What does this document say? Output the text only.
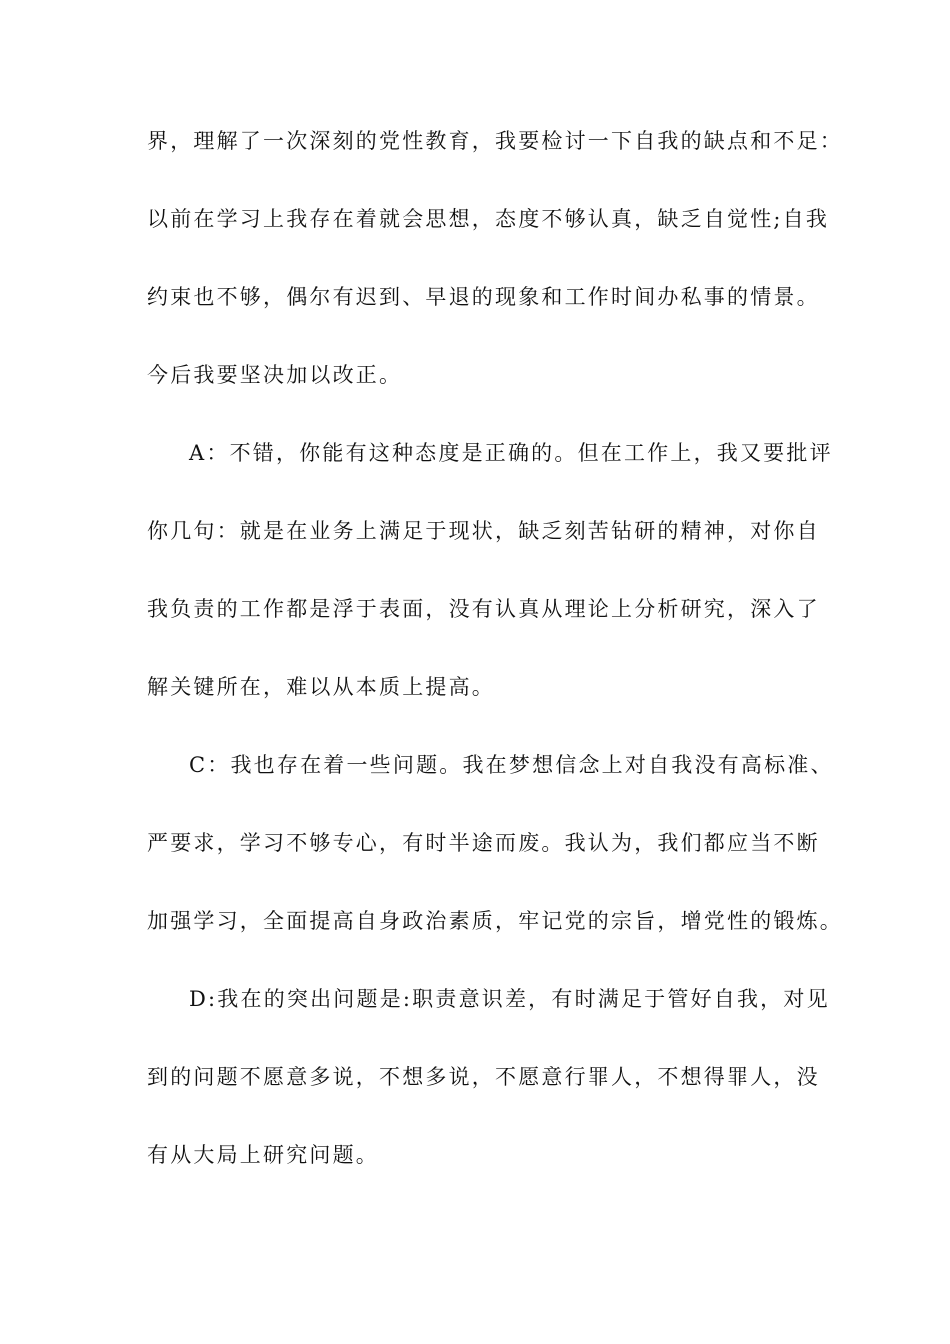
界，理解了一次深刻的党性教育，我要检讨一下自我的缺点和不足：
以前在学习上我存在着就会思想，态度不够认真，缺乏自觉性;自我
约束也不够，偶尔有迟到、早退的现象和工作时间办私事的情景。
今后我要坚决加以改正。
A：不错，你能有这种态度是正确的。但在工作上，我又要批评
你几句：就是在业务上满足于现状，缺乏刻苦钻研的精神，对你自
我负责的工作都是浮于表面，没有认真从理论上分析研究，深入了
解关键所在，难以从本质上提高。
C：我也存在着一些问题。我在梦想信念上对自我没有高标准、
严要求，学习不够专心，有时半途而废。我认为，我们都应当不断
加强学习，全面提高自身政治素质，牢记党的宗旨，增党性的锻炼。
D:我在的突出问题是:职责意识差，有时满足于管好自我，对见
到的问题不愿意多说，不想多说，不愿意行罪人，不想得罪人，没
有从大局上研究问题。
